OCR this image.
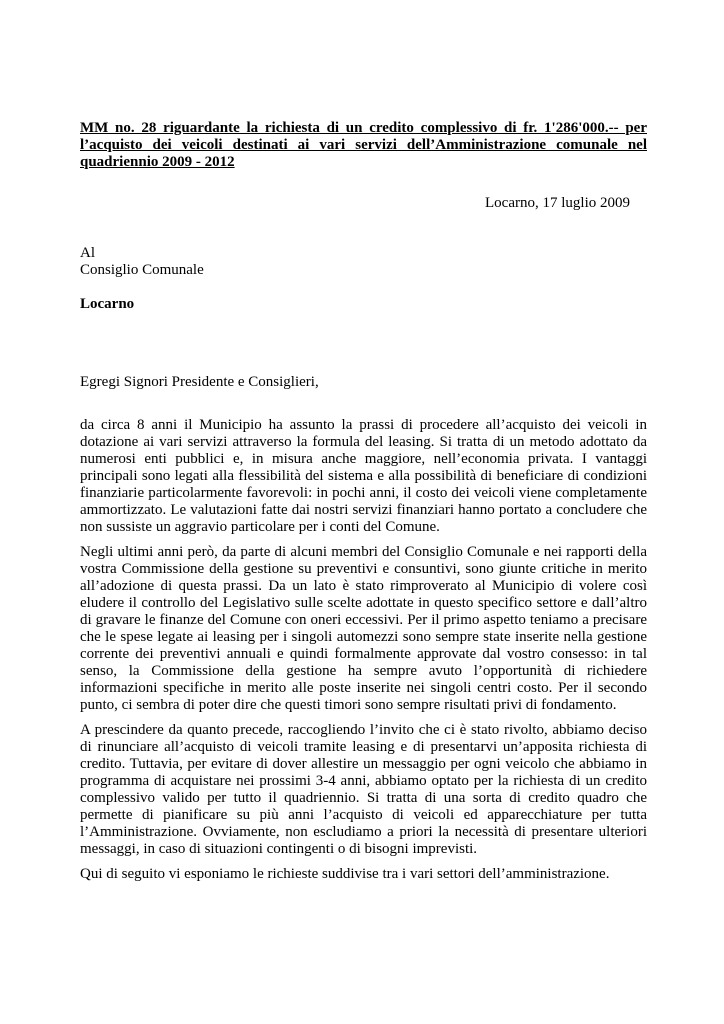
MM no. 28 riguardante la richiesta di un credito complessivo di fr. 1'286'000.-- per l’acquisto dei veicoli destinati ai vari servizi dell’Amministrazione comunale nel quadriennio 2009 - 2012

Locarno, 17 luglio 2009

Al
Consiglio Comunale
Locarno

Egregi Signori Presidente e Consiglieri,

da circa 8 anni il Municipio ha assunto la prassi di procedere all’acquisto dei veicoli in dotazione ai vari servizi attraverso la formula del leasing. Si tratta di un metodo adottato da numerosi enti pubblici e, in misura anche maggiore, nell’economia privata. I vantaggi principali sono legati alla flessibilità del sistema e alla possibilità di beneficiare di condizioni finanziarie particolarmente favorevoli: in pochi anni, il costo dei veicoli viene completamente ammortizzato. Le valutazioni fatte dai nostri servizi finanziari hanno portato a concludere che non sussiste un aggravio particolare per i conti del Comune.

Negli ultimi anni però, da parte di alcuni membri del Consiglio Comunale e nei rapporti della vostra Commissione della gestione su preventivi e consuntivi, sono giunte critiche in merito all’adozione di questa prassi. Da un lato è stato rimproverato al Municipio di volere così eludere il controllo del Legislativo sulle scelte adottate in questo specifico settore e dall’altro di gravare le finanze del Comune con oneri eccessivi. Per il primo aspetto teniamo a precisare che le spese legate ai leasing per i singoli automezzi sono sempre state inserite nella gestione corrente dei preventivi annuali e quindi formalmente approvate dal vostro consesso: in tal senso, la Commissione della gestione ha sempre avuto l’opportunità di richiedere informazioni specifiche in merito alle poste inserite nei singoli centri costo. Per il secondo punto, ci sembra di poter dire che questi timori sono sempre risultati privi di fondamento.

A prescindere da quanto precede, raccogliendo l’invito che ci è stato rivolto, abbiamo deciso di rinunciare all’acquisto di veicoli tramite leasing e di presentarvi un’apposita richiesta di credito. Tuttavia, per evitare di dover allestire un messaggio per ogni veicolo che abbiamo in programma di acquistare nei prossimi 3-4 anni, abbiamo optato per la richiesta di un credito complessivo valido per tutto il quadriennio. Si tratta di una sorta di credito quadro che permette di pianificare su più anni l’acquisto di veicoli ed apparecchiature per tutta l’Amministrazione. Ovviamente, non escludiamo a priori la necessità di presentare ulteriori messaggi, in caso di situazioni contingenti o di bisogni imprevisti.

Qui di seguito vi esponiamo le richieste suddivise tra i vari settori dell’amministrazione.
